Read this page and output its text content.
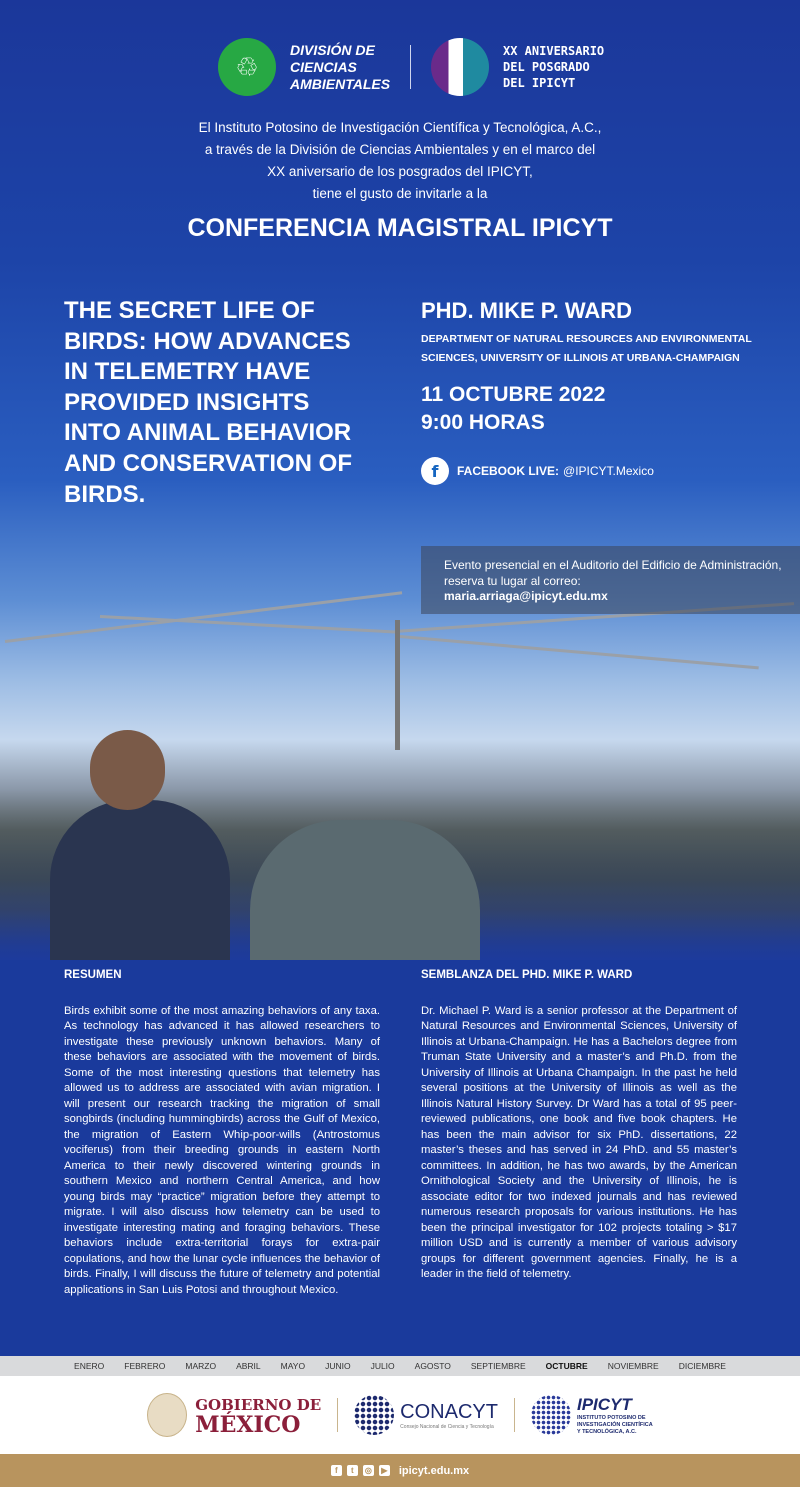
♲
DIVISIÓN DE
CIENCIAS
AMBIENTALES
XX ANIVERSARIO
DEL POSGRADO
DEL IPICYT
El Instituto Potosino de Investigación Científica y Tecnológica, A.C.,
a través de la División de Ciencias Ambientales y en el marco del
XX aniversario de los posgrados del IPICYT,
tiene el gusto de invitarle a la
CONFERENCIA MAGISTRAL IPICYT
THE SECRET LIFE OF BIRDS: HOW ADVANCES IN TELEMETRY HAVE PROVIDED INSIGHTS INTO ANIMAL BEHAVIOR AND CONSERVATION OF BIRDS.
PHD. MIKE P. WARD
DEPARTMENT OF NATURAL RESOURCES AND ENVIRONMENTAL SCIENCES, UNIVERSITY OF ILLINOIS AT URBANA-CHAMPAIGN
11 OCTUBRE 2022
9:00 HORAS
f	FACEBOOK LIVE: @IPICYT.Mexico
Evento presencial en el Auditorio del Edificio de Administración, reserva tu lugar al correo:
maria.arriaga@ipicyt.edu.mx
RESUMEN

Birds exhibit some of the most amazing behaviors of any taxa. As technology has advanced it has allowed researchers to investigate these previously unknown behaviors. Many of these behaviors are associated with the movement of birds. Some of the most interesting questions that telemetry has allowed us to address are associated with avian migration. I will present our research tracking the migration of small songbirds (including hummingbirds) across the Gulf of Mexico, the migration of Eastern Whip-poor-wills (Antrostomus vociferus) from their breeding grounds in eastern North America to their newly discovered wintering grounds in southern Mexico and northern Central America, and how young birds may “practice” migration before they attempt to migrate. I will also discuss how telemetry can be used to investigate interesting mating and foraging behaviors. These behaviors include extra-territorial forays for extra-pair copulations, and how the lunar cycle influences the behavior of birds. Finally, I will discuss the future of telemetry and potential applications in San Luis Potosi and throughout Mexico.

SEMBLANZA DEL PHD. MIKE P. WARD

Dr. Michael P. Ward is a senior professor at the Department of Natural Resources and Environmental Sciences, University of Illinois at Urbana-Champaign. He has a Bachelors degree from Truman State University and a master’s and Ph.D. from the University of Illinois at Urbana Champaign. In the past he held several positions at the University of Illinois as well as the Illinois Natural History Survey. Dr Ward has a total of 95 peer-reviewed publications, one book and five book chapters. He has been the main advisor for six PhD. dissertations, 22 master’s theses and has served in 24 PhD. and 55 master’s committees. In addition, he has two awards, by the American Ornithological Society and the University of Illinois, he is associate editor for two indexed journals and has reviewed numerous research proposals for various institutions. He has been the principal investigator for 102 projects totaling > $17 million USD and is currently a member of various advisory groups for different government agencies. Finally, he is a leader in the field of telemetry.

ENERO	FEBRERO	MARZO	ABRIL	MAYO	JUNIO	JULIO	AGOSTO	SEPTIEMBRE	OCTUBRE	NOVIEMBRE	DICIEMBRE
GOBIERNO DE
MÉXICO
CONACYT
Consejo Nacional de Ciencia y Tecnología
IPICYT
INSTITUTO POTOSINO DE
INVESTIGACIÓN CIENTÍFICA
Y TECNOLÓGICA, A.C.
f	t	◎	▶ ipicyt.edu.mx
